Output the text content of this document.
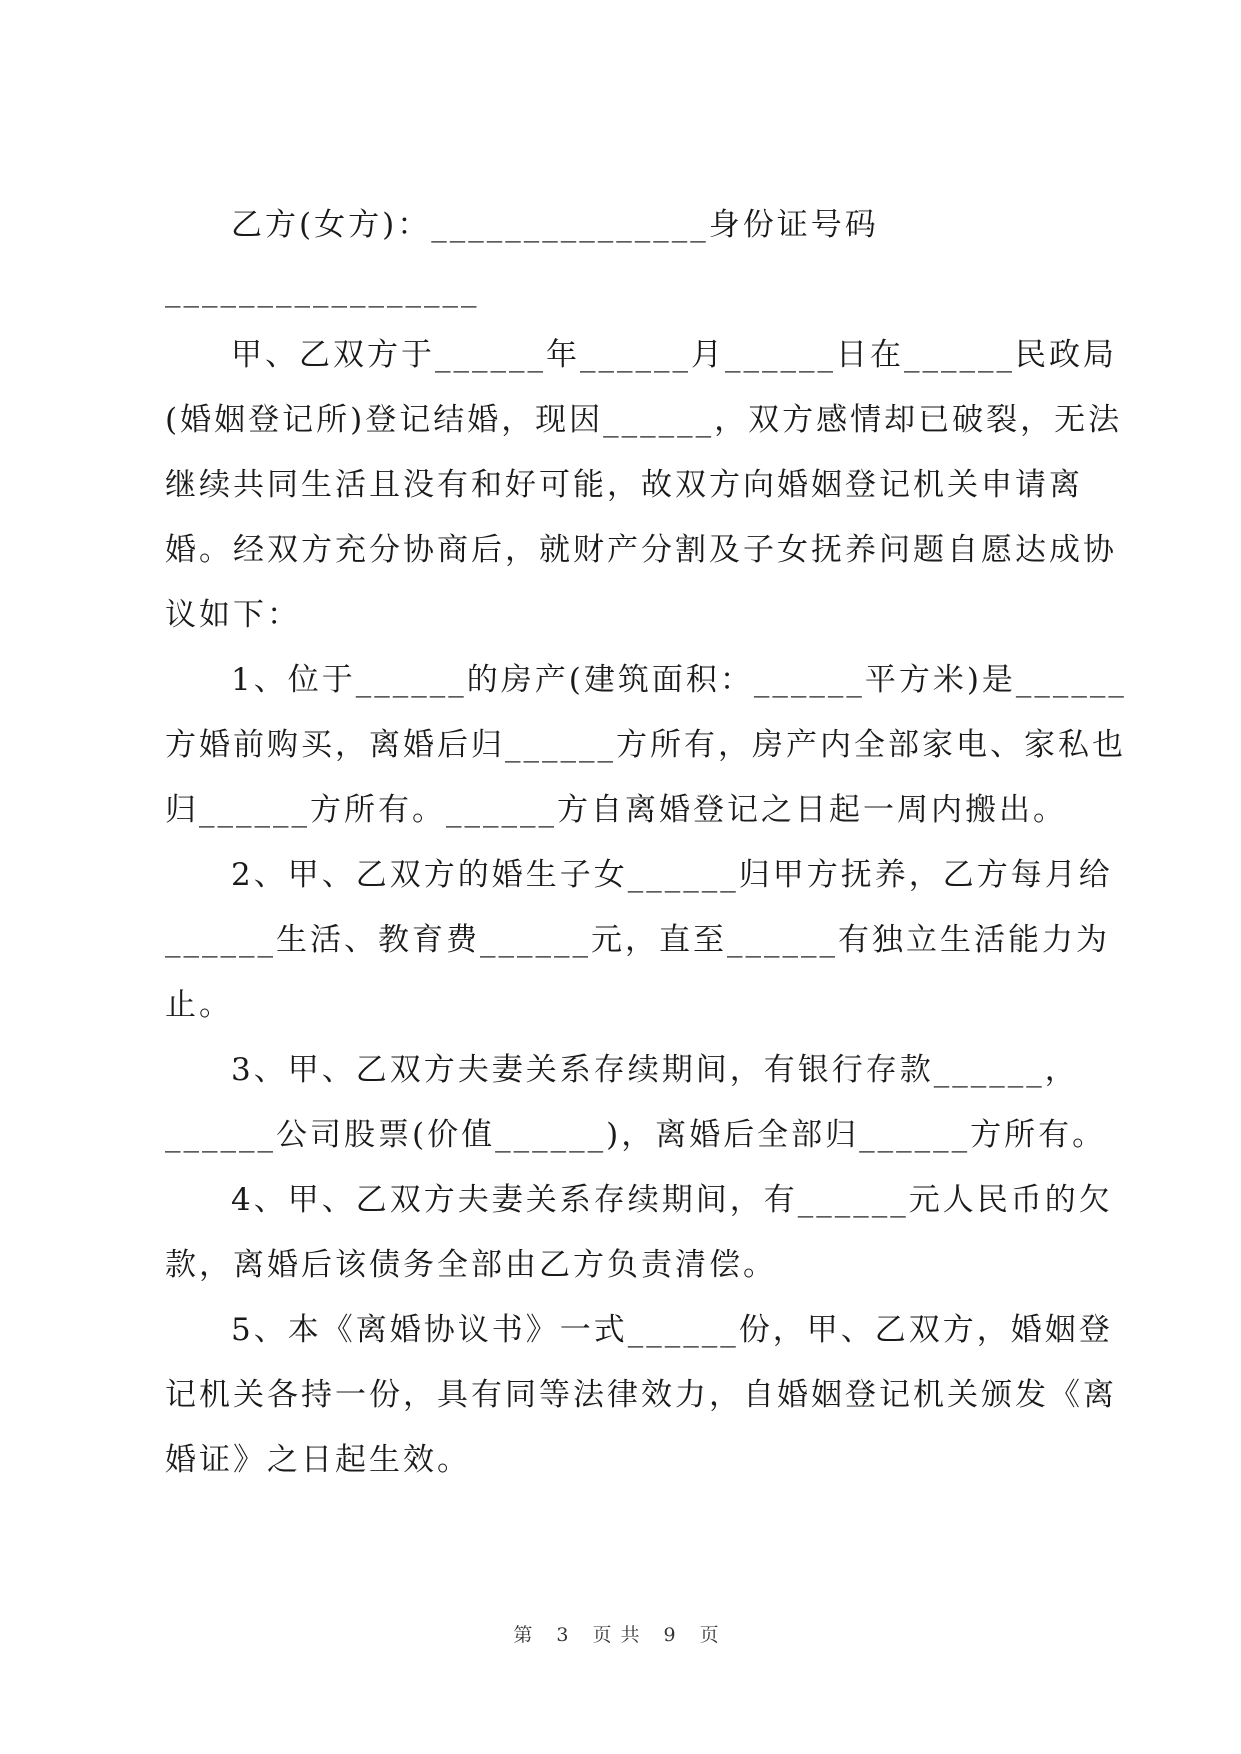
乙方(女方)：_______________身份证号码
_________________
甲、乙双方于______年______月______日在______民政局
(婚姻登记所)登记结婚，现因______，双方感情却已破裂，无法
继续共同生活且没有和好可能，故双方向婚姻登记机关申请离
婚。经双方充分协商后，就财产分割及子女抚养问题自愿达成协
议如下：
1、位于______的房产(建筑面积：______平方米)是______
方婚前购买，离婚后归______方所有，房产内全部家电、家私也
归______方所有。______方自离婚登记之日起一周内搬出。
2、甲、乙双方的婚生子女______归甲方抚养，乙方每月给
______生活、教育费______元，直至______有独立生活能力为
止。
3、甲、乙双方夫妻关系存续期间，有银行存款______，
______公司股票(价值______)，离婚后全部归______方所有。
4、甲、乙双方夫妻关系存续期间，有______元人民币的欠
款，离婚后该债务全部由乙方负责清偿。
5、本《离婚协议书》一式______份，甲、乙双方，婚姻登
记机关各持一份，具有同等法律效力，自婚姻登记机关颁发《离
婚证》之日起生效。
第 3 页共 9 页
